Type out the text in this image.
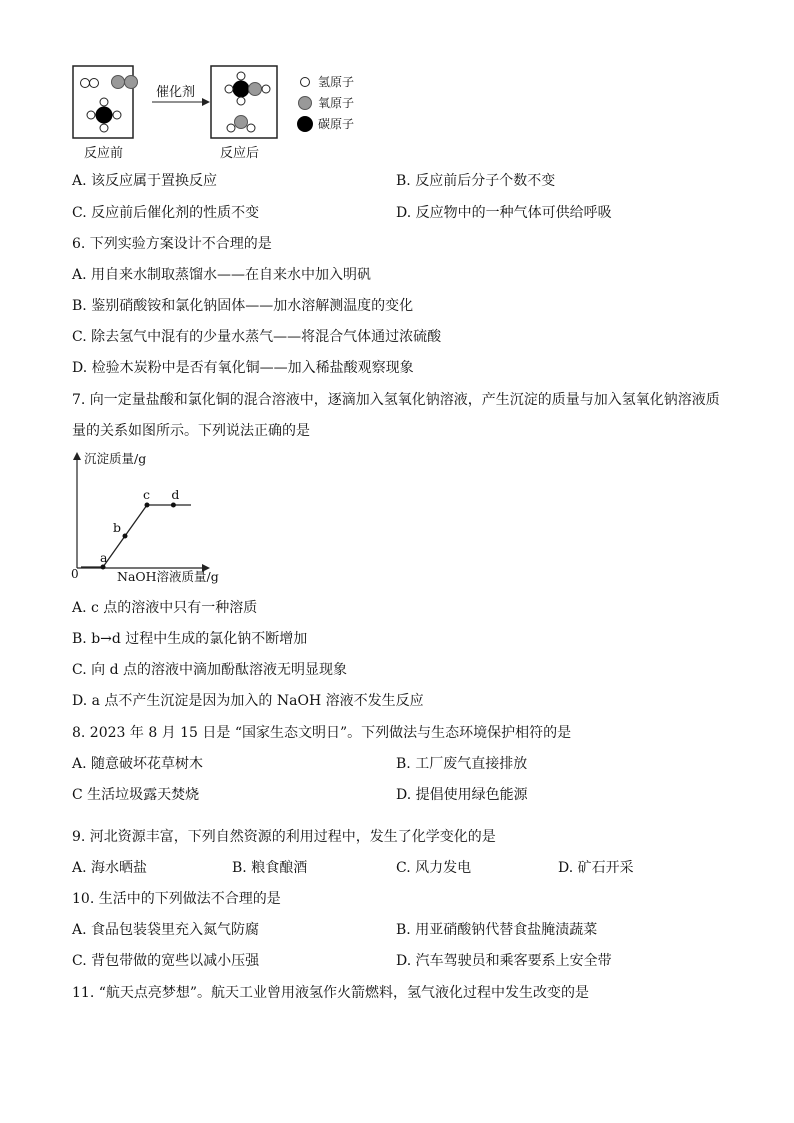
催化剂
氢原子
氧原子
碳原子
反应前	反应后
A. 该反应属于置换反应	B. 反应前后分子个数不变
C. 反应前后催化剂的性质不变	D. 反应物中的一种气体可供给呼吸
6. 下列实验方案设计不合理的是
A. 用自来水制取蒸馏水——在自来水中加入明矾
B. 鉴别硝酸铵和氯化钠固体——加水溶解测温度的变化
C. 除去氢气中混有的少量水蒸气——将混合气体通过浓硫酸
D. 检验木炭粉中是否有氧化铜——加入稀盐酸观察现象
7. 向一定量盐酸和氯化铜的混合溶液中，逐滴加入氢氧化钠溶液，产生沉淀的质量与加入氢氧化钠溶液质
量的关系如图所示。下列说法正确的是
沉淀质量/g
NaOH溶液质量/g
0
a
b
c d
A. c 点的溶液中只有一种溶质
B. b→d 过程中生成的氯化钠不断增加
C. 向 d 点的溶液中滴加酚酞溶液无明显现象
D. a 点不产生沉淀是因为加入的 NaOH 溶液不发生反应
8. 2023 年 8 月 15 日是 “国家生态文明日”。下列做法与生态环境保护相符的是
A. 随意破坏花草树木	B. 工厂废气直接排放
C 生活垃圾露天焚烧	D. 提倡使用绿色能源
9. 河北资源丰富，下列自然资源的利用过程中，发生了化学变化的是
A. 海水晒盐	B. 粮食酿酒	C. 风力发电	D. 矿石开采
10. 生活中的下列做法不合理的是
A. 食品包装袋里充入氮气防腐	B. 用亚硝酸钠代替食盐腌渍蔬菜
C. 背包带做的宽些以减小压强	D. 汽车驾驶员和乘客要系上安全带
11. “航天点亮梦想”。航天工业曾用液氢作火箭燃料，氢气液化过程中发生改变的是
